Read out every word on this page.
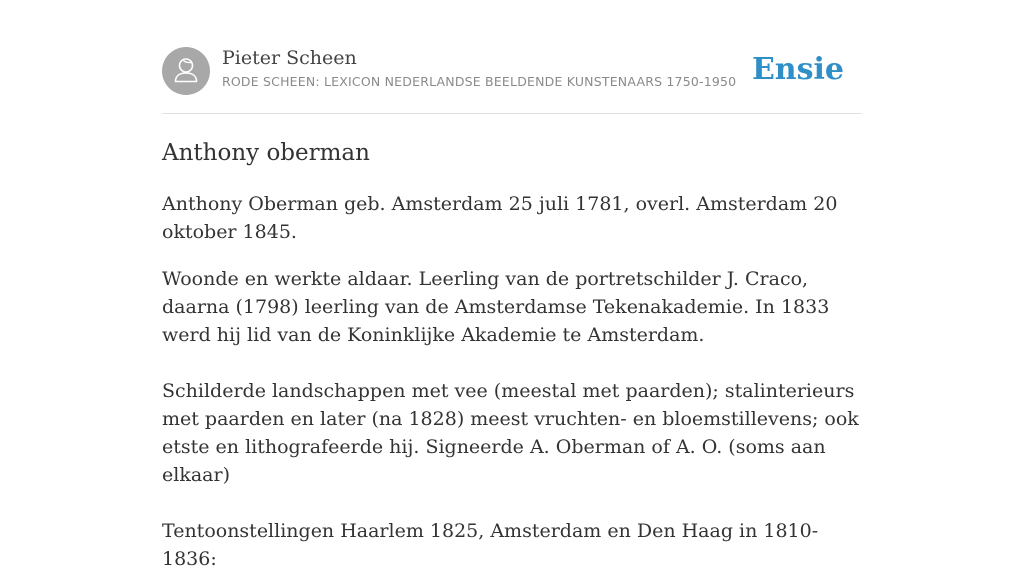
Pieter Scheen
RODE SCHEEN: LEXICON NEDERLANDSE BEELDENDE KUNSTENAARS 1750-1950 Ensie
Anthony oberman

Anthony Oberman geb. Amsterdam 25 juli 1781, overl. Amsterdam 20 oktober 1845.

Woonde en werkte aldaar. Leerling van de portretschilder J. Craco, daarna (1798) leerling van de Amsterdamse Tekenakademie. In 1833 werd hij lid van de Koninklijke Akademie te Amsterdam.

Schilderde landschappen met vee (meestal met paarden); stalinterieurs met paarden en later (na 1828) meest vruchten- en bloemstillevens; ook etste en lithografeerde hij. Signeerde A. Oberman of A. O. (soms aan elkaar)

Tentoonstellingen Haarlem 1825, Amsterdam en Den Haag in 1810-1836:
